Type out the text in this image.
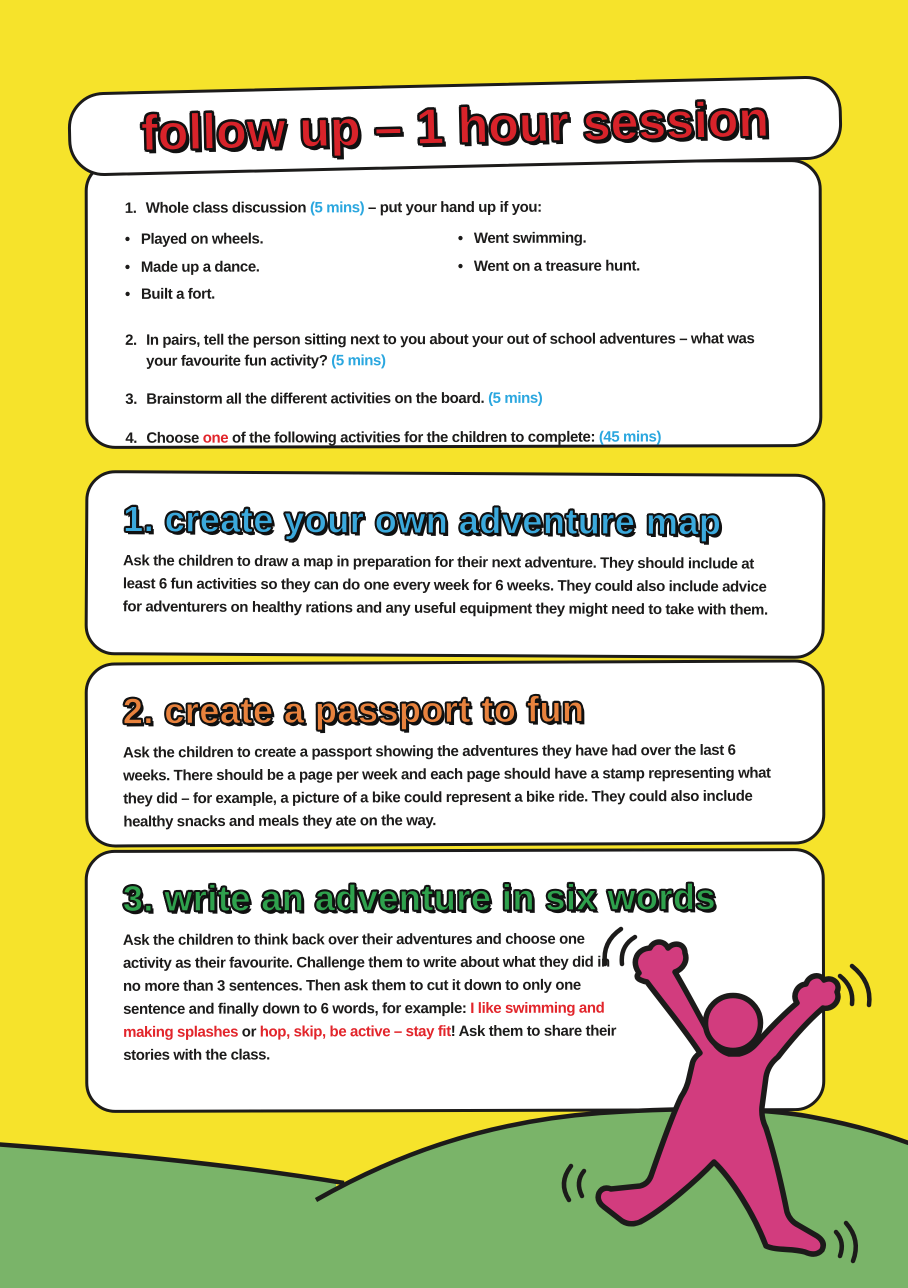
follow up – 1 hour session
1. Whole class discussion (5 mins) – put your hand up if you:
• Played on wheels.
• Made up a dance.
• Built a fort.
• Went swimming.
• Went on a treasure hunt.
2. In pairs, tell the person sitting next to you about your out of school adventures – what was your favourite fun activity? (5 mins)
3. Brainstorm all the different activities on the board. (5 mins)
4. Choose one of the following activities for the children to complete: (45 mins)
1. create your own adventure map
Ask the children to draw a map in preparation for their next adventure. They should include at least 6 fun activities so they can do one every week for 6 weeks. They could also include advice for adventurers on healthy rations and any useful equipment they might need to take with them.
2. create a passport to fun
Ask the children to create a passport showing the adventures they have had over the last 6 weeks. There should be a page per week and each page should have a stamp representing what they did – for example, a picture of a bike could represent a bike ride. They could also include healthy snacks and meals they ate on the way.
3. write an adventure in six words
Ask the children to think back over their adventures and choose one activity as their favourite. Challenge them to write about what they did in no more than 3 sentences. Then ask them to cut it down to only one sentence and finally down to 6 words, for example: I like swimming and making splashes or hop, skip, be active – stay fit! Ask them to share their stories with the class.
